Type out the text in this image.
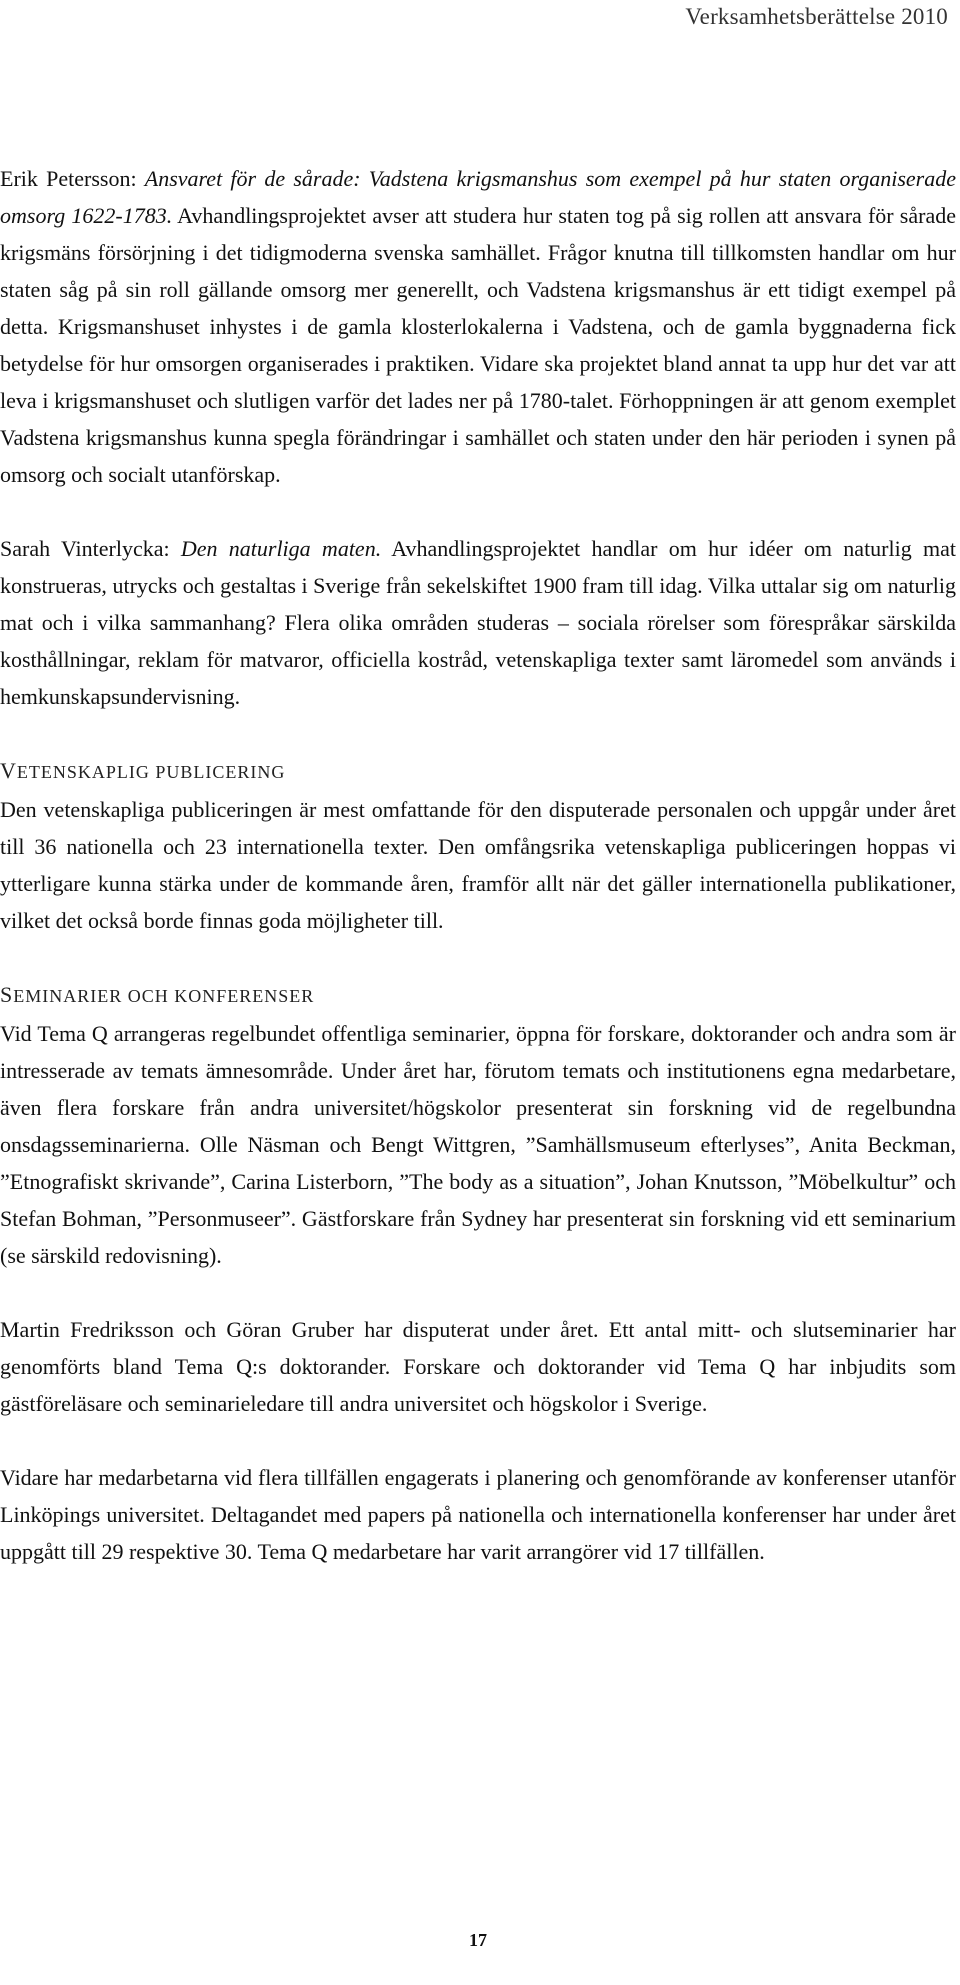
Verksamhetsberättelse 2010

Erik Petersson: Ansvaret för de sårade: Vadstena krigsmanshus som exempel på hur staten organiserade omsorg 1622-1783. Avhandlingsprojektet avser att studera hur staten tog på sig rollen att ansvara för sårade krigsmäns försörjning i det tidigmoderna svenska samhället. Frågor knutna till tillkomsten handlar om hur staten såg på sin roll gällande omsorg mer generellt, och Vadstena krigsmanshus är ett tidigt exempel på detta. Krigsmanshuset inhystes i de gamla klosterlokalerna i Vadstena, och de gamla byggnaderna fick betydelse för hur omsorgen organiserades i praktiken. Vidare ska projektet bland annat ta upp hur det var att leva i krigsmanshuset och slutligen varför det lades ner på 1780-talet. Förhoppningen är att genom exemplet Vadstena krigsmanshus kunna spegla förändringar i samhället och staten under den här perioden i synen på omsorg och socialt utanförskap.

Sarah Vinterlycka: Den naturliga maten. Avhandlingsprojektet handlar om hur idéer om naturlig mat konstrueras, utrycks och gestaltas i Sverige från sekelskiftet 1900 fram till idag. Vilka uttalar sig om naturlig mat och i vilka sammanhang? Flera olika områden studeras – sociala rörelser som förespråkar särskilda kosthållningar, reklam för matvaror, officiella kostråd, vetenskapliga texter samt läromedel som används i hemkunskapsundervisning.

VETENSKAPLIG PUBLICERING

Den vetenskapliga publiceringen är mest omfattande för den disputerade personalen och uppgår under året till 36 nationella och 23 internationella texter. Den omfångsrika vetenskapliga publiceringen hoppas vi ytterligare kunna stärka under de kommande åren, framför allt när det gäller internationella publikationer, vilket det också borde finnas goda möjligheter till.

SEMINARIER OCH KONFERENSER

Vid Tema Q arrangeras regelbundet offentliga seminarier, öppna för forskare, doktorander och andra som är intresserade av temats ämnesområde. Under året har, förutom temats och institutionens egna medarbetare, även flera forskare från andra universitet/högskolor presenterat sin forskning vid de regelbundna onsdagsseminarierna. Olle Näsman och Bengt Wittgren, ”Samhällsmuseum efterlyses”, Anita Beckman, ”Etnografiskt skrivande”, Carina Listerborn, ”The body as a situation”, Johan Knutsson, ”Möbelkultur” och Stefan Bohman, ”Personmuseer”. Gästforskare från Sydney har presenterat sin forskning vid ett seminarium (se särskild redovisning).

Martin Fredriksson och Göran Gruber har disputerat under året. Ett antal mitt- och slutseminarier har genomförts bland Tema Q:s doktorander. Forskare och doktorander vid Tema Q har inbjudits som gästföreläsare och seminarieledare till andra universitet och högskolor i Sverige.

Vidare har medarbetarna vid flera tillfällen engagerats i planering och genomförande av konferenser utanför Linköpings universitet. Deltagandet med papers på nationella och internationella konferenser har under året uppgått till 29 respektive 30. Tema Q medarbetare har varit arrangörer vid 17 tillfällen.

17
